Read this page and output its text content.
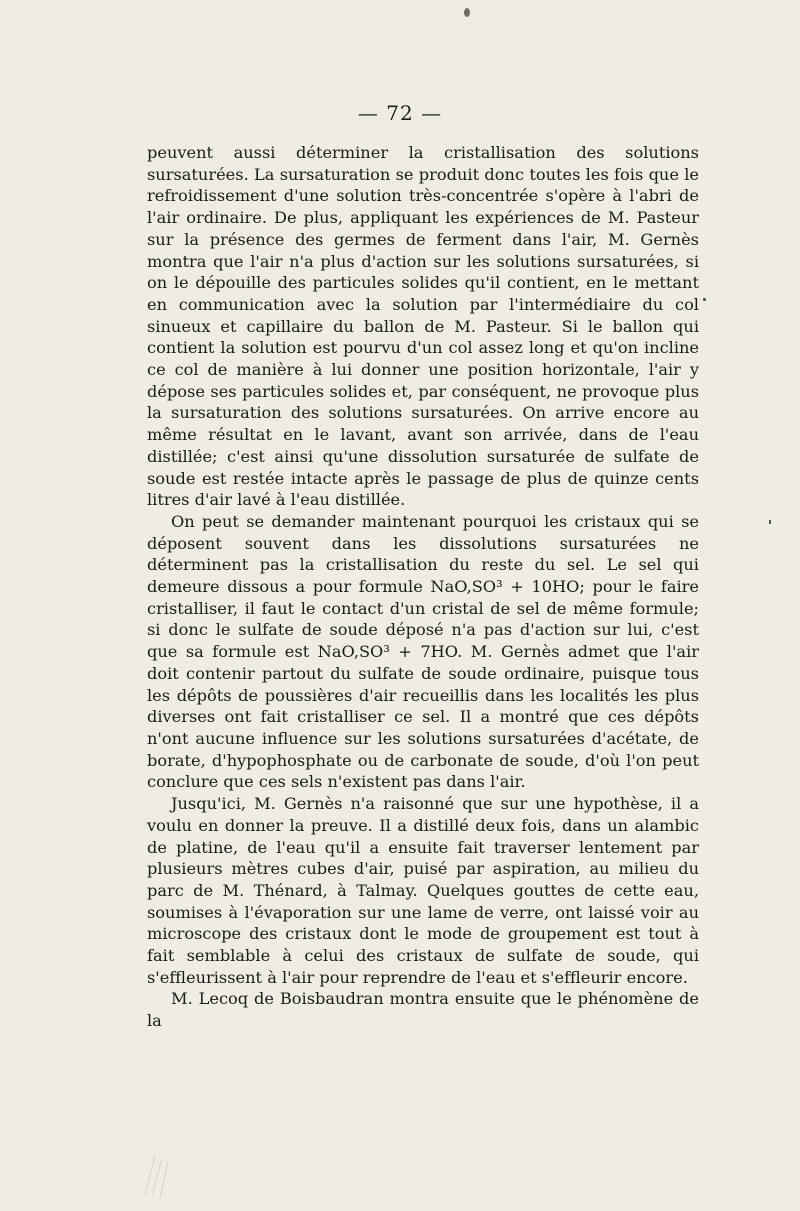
— 72 —

peuvent aussi déterminer la cristallisation des solutions sursaturées. La sursaturation se produit donc toutes les fois que le refroidissement d'une solution très-concentrée s'opère à l'abri de l'air ordinaire. De plus, appliquant les expériences de M. Pasteur sur la présence des germes de ferment dans l'air, M. Gernès montra que l'air n'a plus d'action sur les solutions sursaturées, si on le dépouille des particules solides qu'il contient, en le mettant en communication avec la solution par l'intermédiaire du col sinueux et capillaire du ballon de M. Pasteur. Si le ballon qui contient la solution est pourvu d'un col assez long et qu'on incline ce col de manière à lui donner une position horizontale, l'air y dépose ses particules solides et, par conséquent, ne provoque plus la sursaturation des solutions sursaturées. On arrive encore au même résultat en le lavant, avant son arrivée, dans de l'eau distillée; c'est ainsi qu'une dissolution sursaturée de sulfate de soude est restée intacte après le passage de plus de quinze cents litres d'air lavé à l'eau distillée.

On peut se demander maintenant pourquoi les cristaux qui se déposent souvent dans les dissolutions sursaturées ne déterminent pas la cristallisation du reste du sel. Le sel qui demeure dissous a pour formule NaO,SO³ + 10HO; pour le faire cristalliser, il faut le contact d'un cristal de sel de même formule; si donc le sulfate de soude déposé n'a pas d'action sur lui, c'est que sa formule est NaO,SO³ + 7HO. M. Gernès admet que l'air doit contenir partout du sulfate de soude ordinaire, puisque tous les dépôts de poussières d'air recueillis dans les localités les plus diverses ont fait cristalliser ce sel. Il a montré que ces dépôts n'ont aucune influence sur les solutions sursaturées d'acétate, de borate, d'hypophosphate ou de carbonate de soude, d'où l'on peut conclure que ces sels n'existent pas dans l'air.

Jusqu'ici, M. Gernès n'a raisonné que sur une hypothèse, il a voulu en donner la preuve. Il a distillé deux fois, dans un alambic de platine, de l'eau qu'il a ensuite fait traverser lentement par plusieurs mètres cubes d'air, puisé par aspiration, au milieu du parc de M. Thénard, à Talmay. Quelques gouttes de cette eau, soumises à l'évaporation sur une lame de verre, ont laissé voir au microscope des cristaux dont le mode de groupement est tout à fait semblable à celui des cristaux de sulfate de soude, qui s'effleurissent à l'air pour reprendre de l'eau et s'effleurir encore.

M. Lecoq de Boisbaudran montra ensuite que le phénomène de la
